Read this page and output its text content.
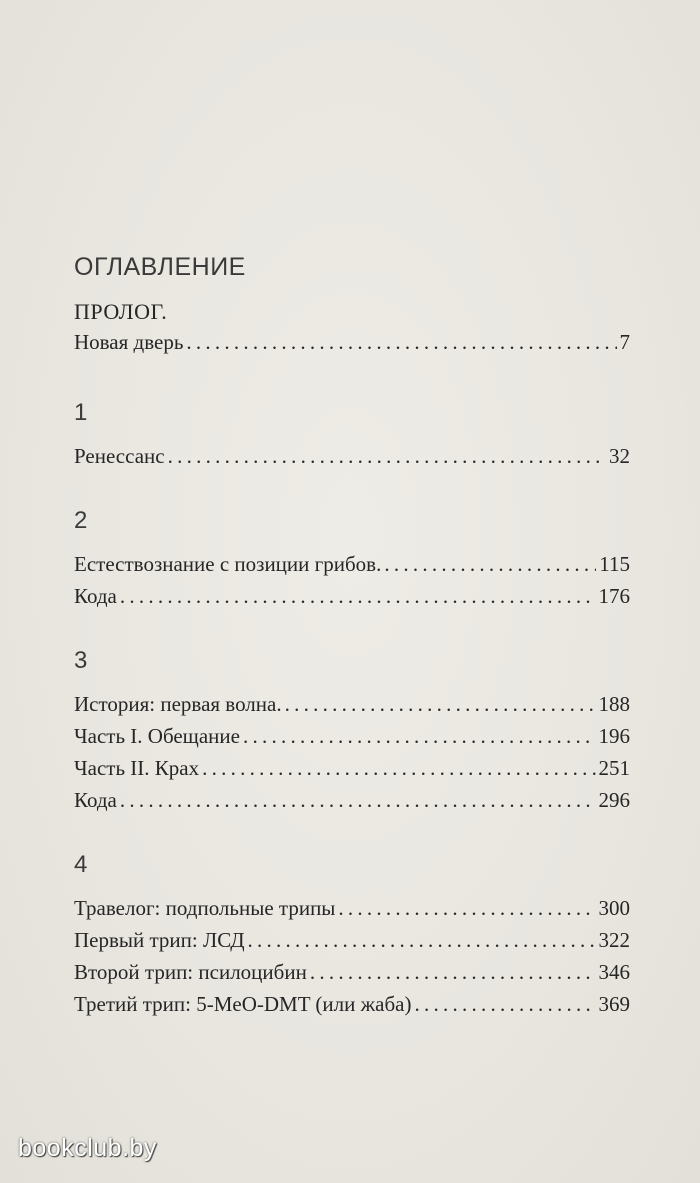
ОГЛАВЛЕНИЕ
ПРОЛОГ.
Новая дверь . . .	7
1
Ренессанс . . .	32
2
Естествознание с позиции грибов. . . .	115
Кода . . .	176
3
История: первая волна. . . .	188
Часть I. Обещание . . .	196
Часть II. Крах . . .	251
Кода . . .	296
4
Травелог: подпольные трипы . . .	300
Первый трип: ЛСД . . .	322
Второй трип: псилоцибин . . .	346
Третий трип: 5-MeO-DMT (или жаба) . . .	369
bookclub.by
